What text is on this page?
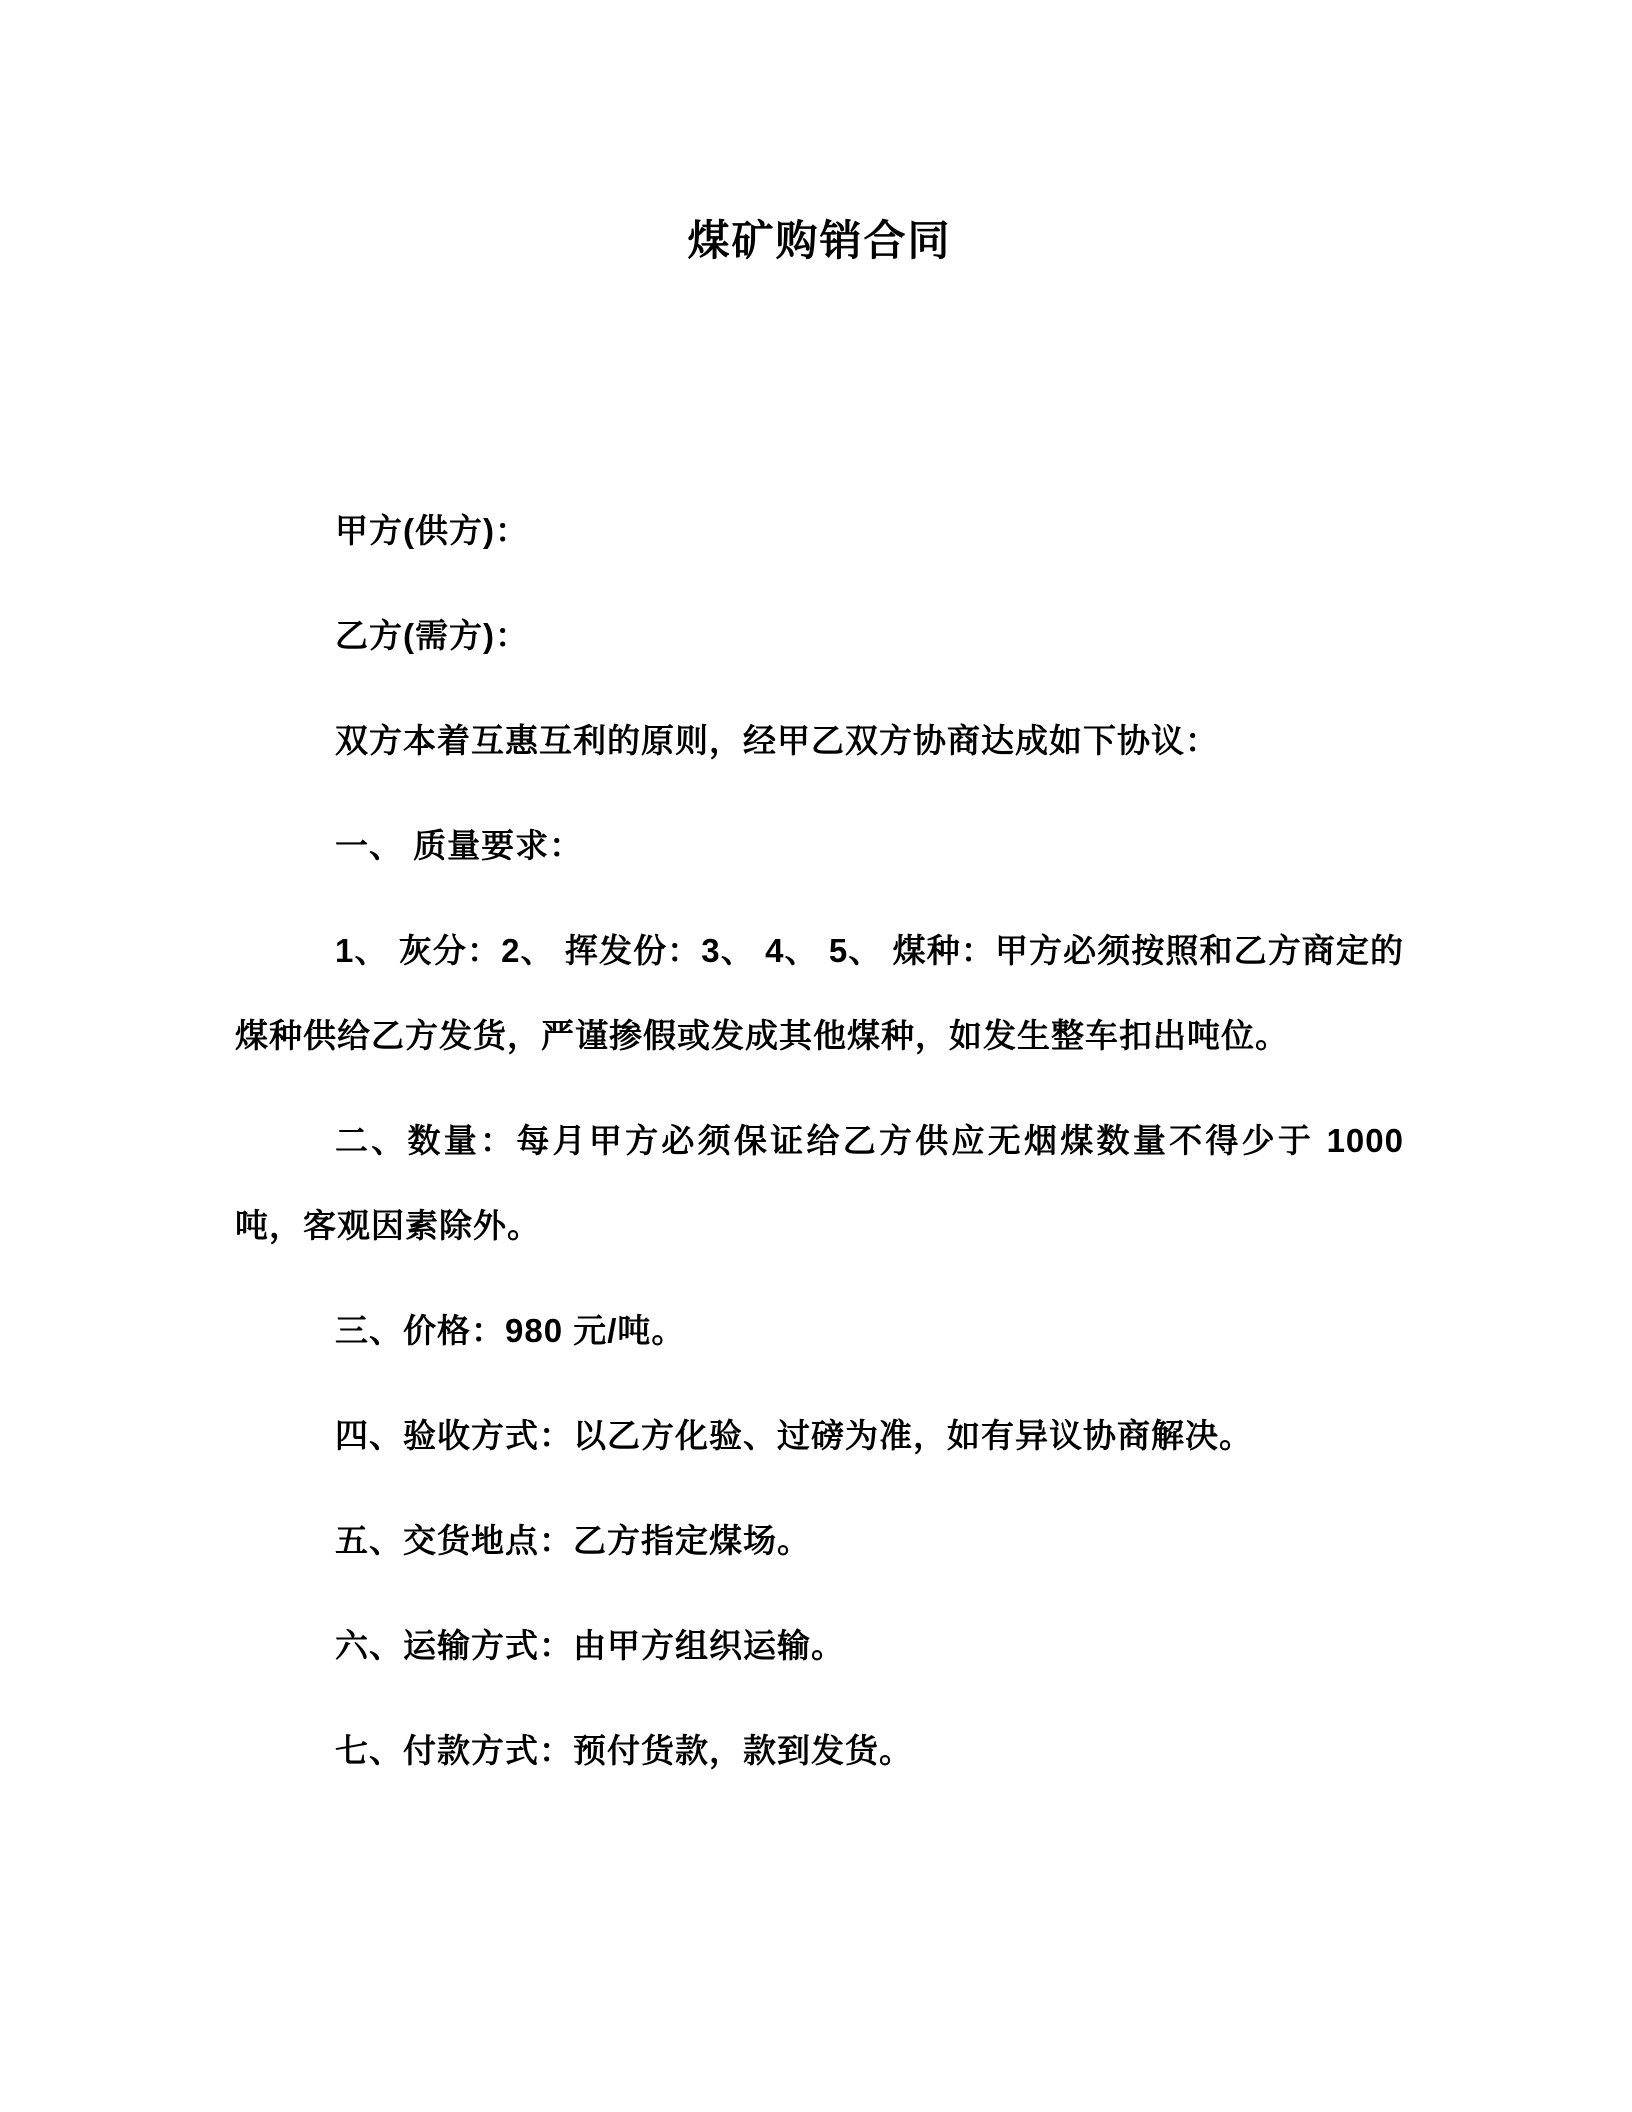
煤矿购销合同

甲方(供方)：

乙方(需方)：

双方本着互惠互利的原则，经甲乙双方协商达成如下协议：

一、 质量要求：

1、 灰分：2、 挥发份：3、 4、 5、 煤种：甲方必须按照和乙方商定的煤种供给乙方发货，严谨掺假或发成其他煤种，如发生整车扣出吨位。

二、数量：每月甲方必须保证给乙方供应无烟煤数量不得少于 1000 吨，客观因素除外。

三、价格：980 元/吨。

四、验收方式：以乙方化验、过磅为准，如有异议协商解决。

五、交货地点：乙方指定煤场。

六、运输方式：由甲方组织运输。

七、付款方式：预付货款，款到发货。
